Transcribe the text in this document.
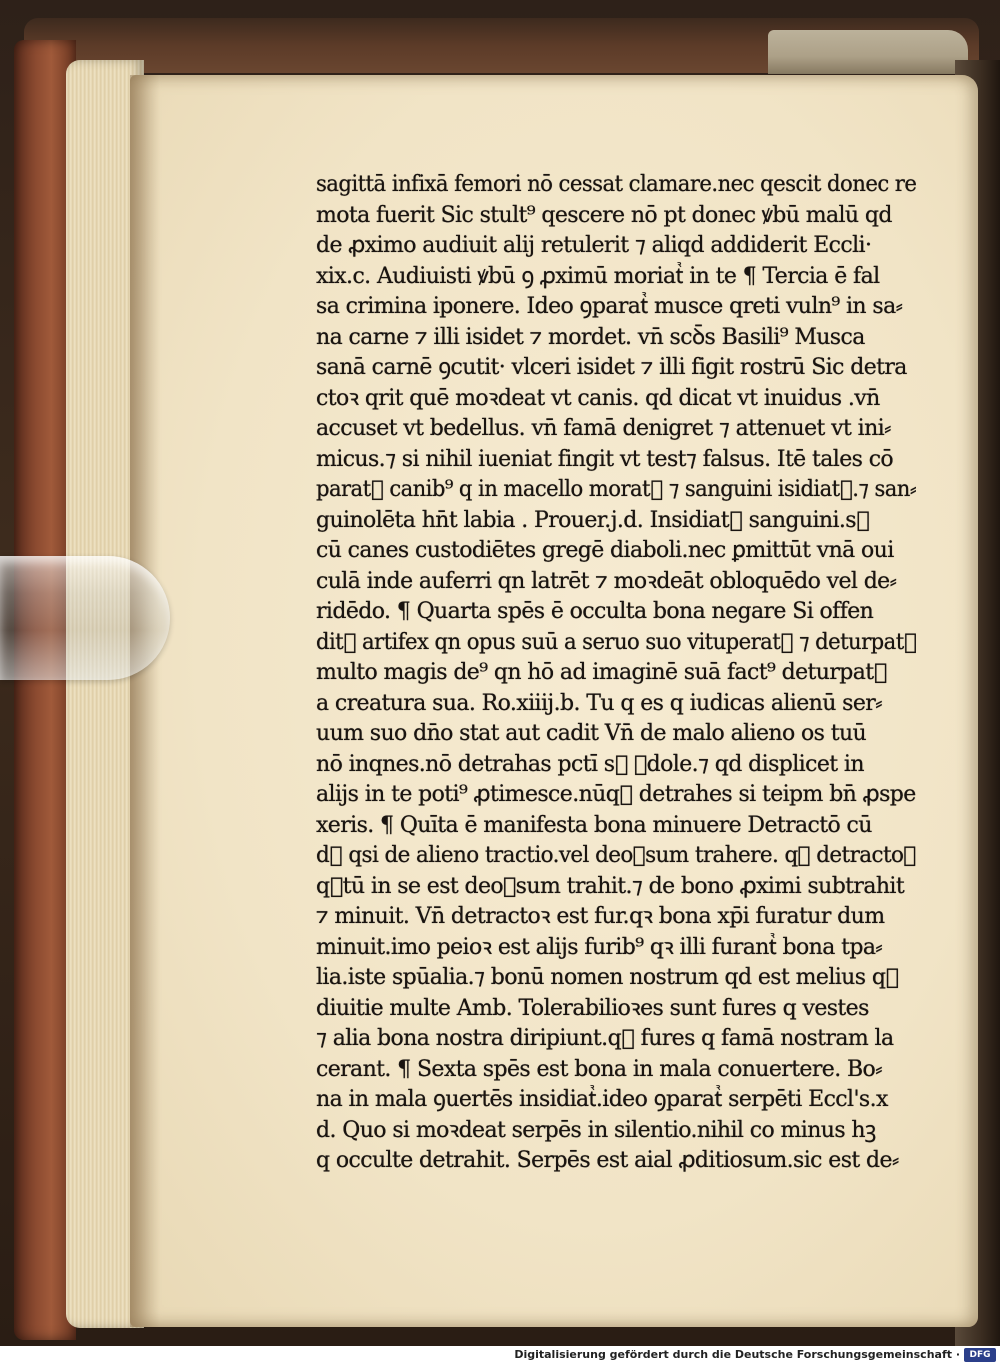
sagittā infixā femori nō cessat clamare.nec qescit donec re
mota fuerit Sic stult⁹ qescere nō pt donec ꝟbū malū qd
de ꝓximo audiuit alij retulerit ⁊ aliqd addiderit Eccli·
xix.c. Audiuisti ꝟbū ꝯ ꝓximū moriatᷣ in te ¶ Tercia ē fal
sa crimina iponere. Ideo ꝯparatᷣ musce qreti vuln⁹ in sa⸗
na carne ⁊ illi isidet ⁊ mordet. vn̄ scꝺ̄s Basili⁹ Musca
sanā carnē ꝯcutit· vlceri isidet ⁊ illi figit rostrū Sic detra
ctoꝛ qrit quē moꝛdeat vt canis. qd dicat vt inuidus .vn̄
accuset vt bedellus. vn̄ famā denigret ⁊ attenuet vt ini⸗
micus.⁊ si nihil iueniat fingit vt test⁊ falsus. Itē tales cō
paratᷣ canib⁹ q in macello moratᷣ ⁊ sanguini isidiatᷣ.⁊ san⸗
guinolēta hn̄t labia . Prouer.j.d. Insidiatᷣ sanguini.sᷣ
cū canes custodiētes gregē diaboli.nec ꝑmittūt vnā oui
culā inde auferri qn latrēt ⁊ moꝛdeāt obloquēdo vel de⸗
ridēdo. ¶ Quarta spēs ē occulta bona negare Si offen
ditᷣ artifex qn opus suū a seruo suo vituperatᷣ ⁊ deturpatᷣ
multo magis de⁹ qn hō ad imaginē suā fact⁹ deturpatᷣ
a creatura sua. Ro.xiiij.b. Tu q es q iudicas alienū ser⸗
uum suo dn̄o stat aut cadit Vn̄ de malo alieno os tuū
nō inqnes.nō detrahas pctī sᷣ ꝯdole.⁊ qd displicet in
alijs in te poti⁹ ꝓtimesce.nūqᷓ detrahes si teipm bn̄ ꝓspe
xeris. ¶ Quīta ē manifesta bona minuere Detractō cū
dᷣ qsi de alieno tractio.vel deoꝛsum trahere. qꝛ detractoꝛ
qᷓtū in se est deoꝛsum trahit.⁊ de bono ꝓximi subtrahit
⁊ minuit. Vn̄ detractoꝛ est fur.qꝛ bona xp̄i furatur dum
minuit.imo peioꝛ est alijs furib⁹ qꝛ illi furantᷣ bona tpa⸗
lia.iste spūalia.⁊ bonū nomen nostrum qd est melius qᷓ
diuitie multe Amb. Tolerabilioꝛes sunt fures q vestes
⁊ alia bona nostra diripiunt.qᷓ fures q famā nostram la
cerant. ¶ Sexta spēs est bona in mala conuertere. Bo⸗
na in mala ꝯuertēs insidiatᷣ.ideo ꝯparatᷣ serpēti Eccl's.x
d. Quo si moꝛdeat serpēs in silentio.nihil co minus hꝫ
q occulte detrahit. Serpēs est aial ꝓditiosum.sic est de⸗
Digitalisierung gefördert durch die Deutsche Forschungsgemeinschaft ·	DFG
